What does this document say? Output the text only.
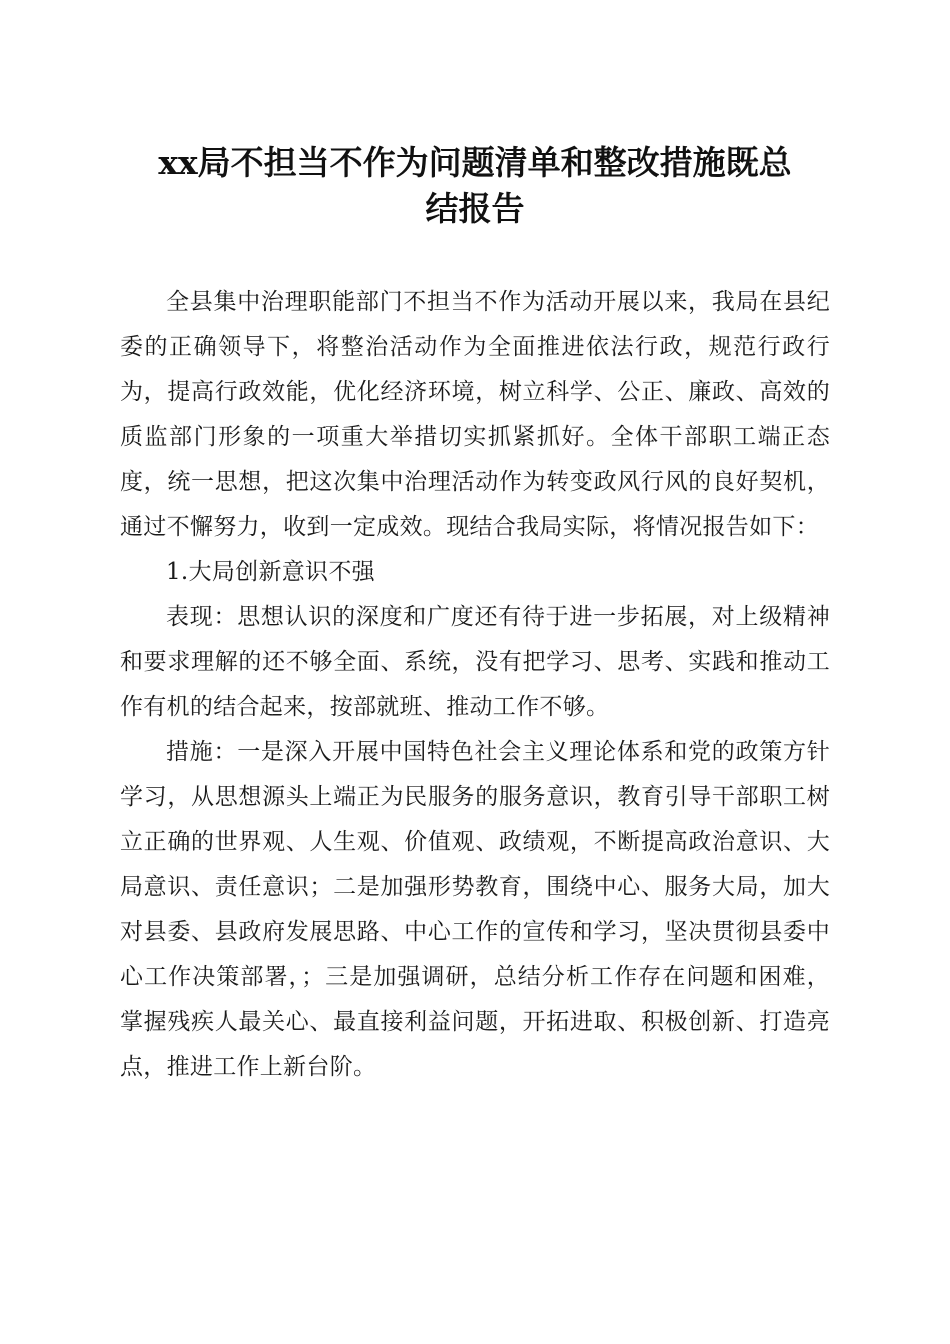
xx局不担当不作为问题清单和整改措施既总
结报告

全县集中治理职能部门不担当不作为活动开展以来，我局在县纪委的正确领导下，将整治活动作为全面推进依法行政，规范行政行为，提高行政效能，优化经济环境，树立科学、公正、廉政、高效的质监部门形象的一项重大举措切实抓紧抓好。全体干部职工端正态度，统一思想，把这次集中治理活动作为转变政风行风的良好契机，通过不懈努力，收到一定成效。现结合我局实际，将情况报告如下：

1.大局创新意识不强

表现：思想认识的深度和广度还有待于进一步拓展，对上级精神和要求理解的还不够全面、系统，没有把学习、思考、实践和推动工作有机的结合起来，按部就班、推动工作不够。

措施：一是深入开展中国特色社会主义理论体系和党的政策方针学习，从思想源头上端正为民服务的服务意识，教育引导干部职工树立正确的世界观、人生观、价值观、政绩观，不断提高政治意识、大局意识、责任意识；二是加强形势教育，围绕中心、服务大局，加大对县委、县政府发展思路、中心工作的宣传和学习，坚决贯彻县委中心工作决策部署，；三是加强调研，总结分析工作存在问题和困难，掌握残疾人最关心、最直接利益问题，开拓进取、积极创新、打造亮点，推进工作上新台阶。
